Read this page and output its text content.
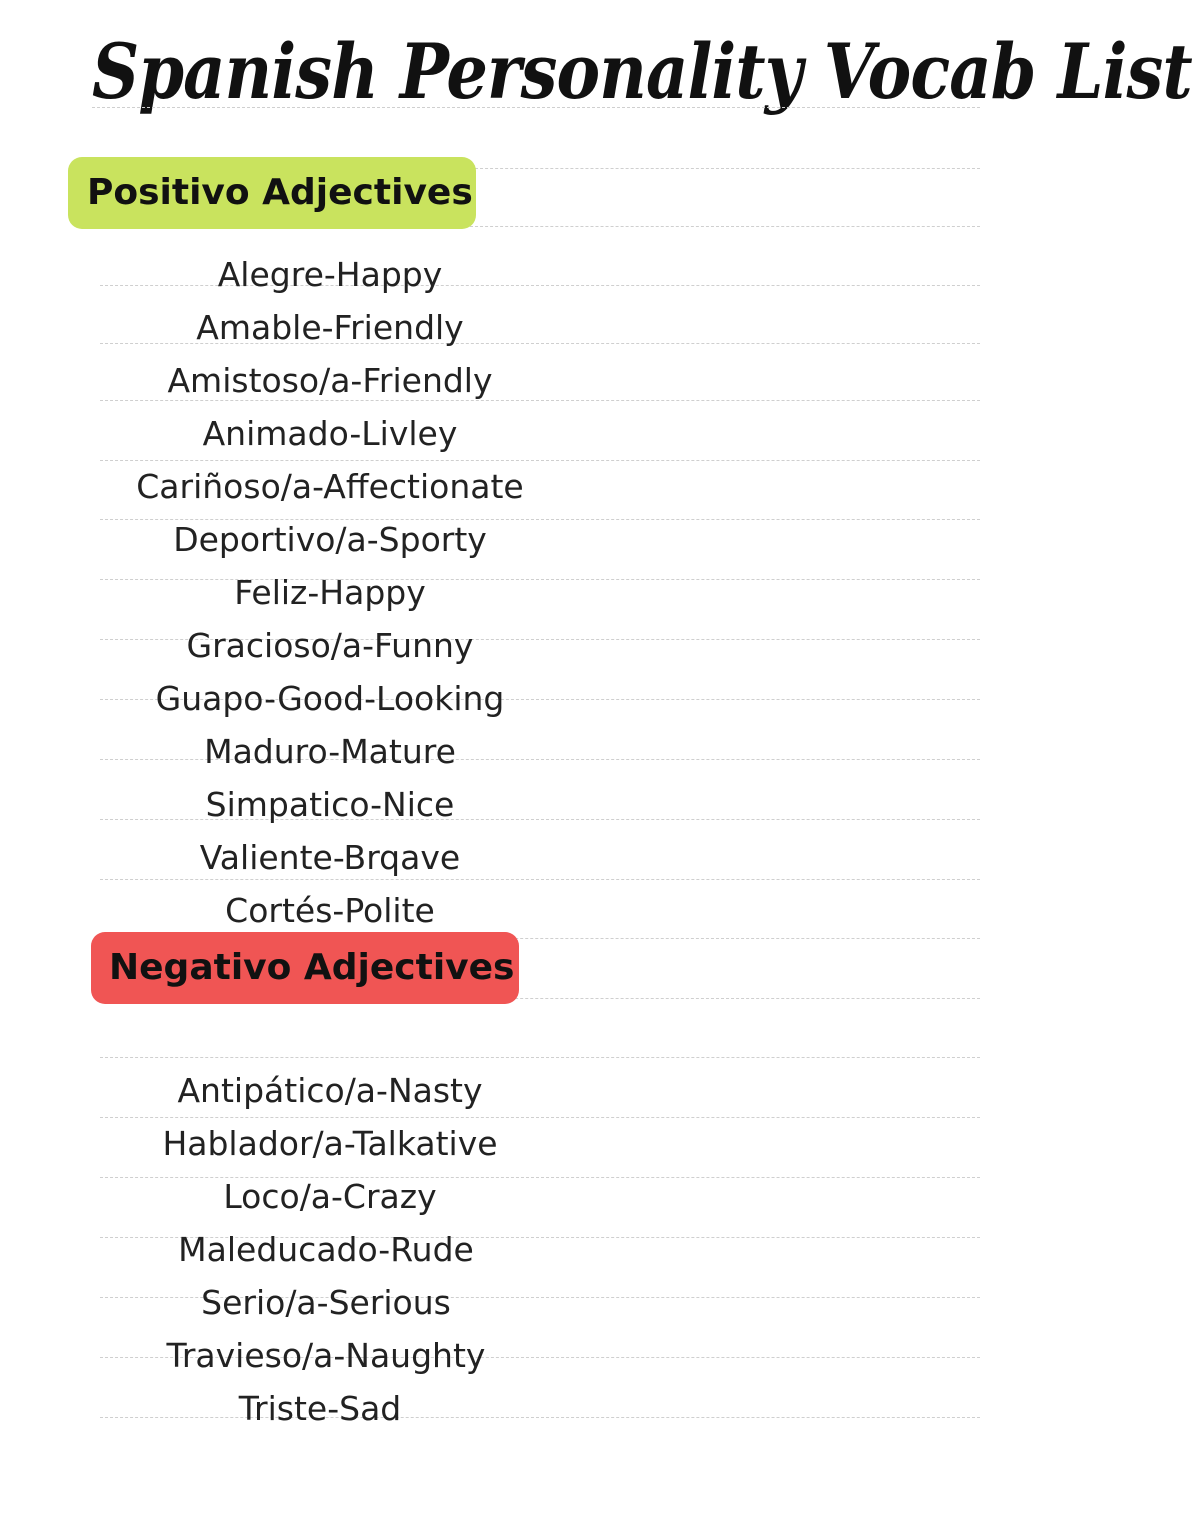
Spanish Personality Vocab List
Positivo Adjectives
Negativo Adjectives
Alegre-Happy
Amable-Friendly
Amistoso/a-Friendly
Animado-Livley
Cariñoso/a-Affectionate
Deportivo/a-Sporty
Feliz-Happy
Gracioso/a-Funny
Guapo-Good-Looking
Maduro-Mature
Simpatico-Nice
Valiente-Brqave
Cortés-Polite
Antipático/a-Nasty
Hablador/a-Talkative
Loco/a-Crazy
Maleducado-Rude
Serio/a-Serious
Travieso/a-Naughty
Triste-Sad
